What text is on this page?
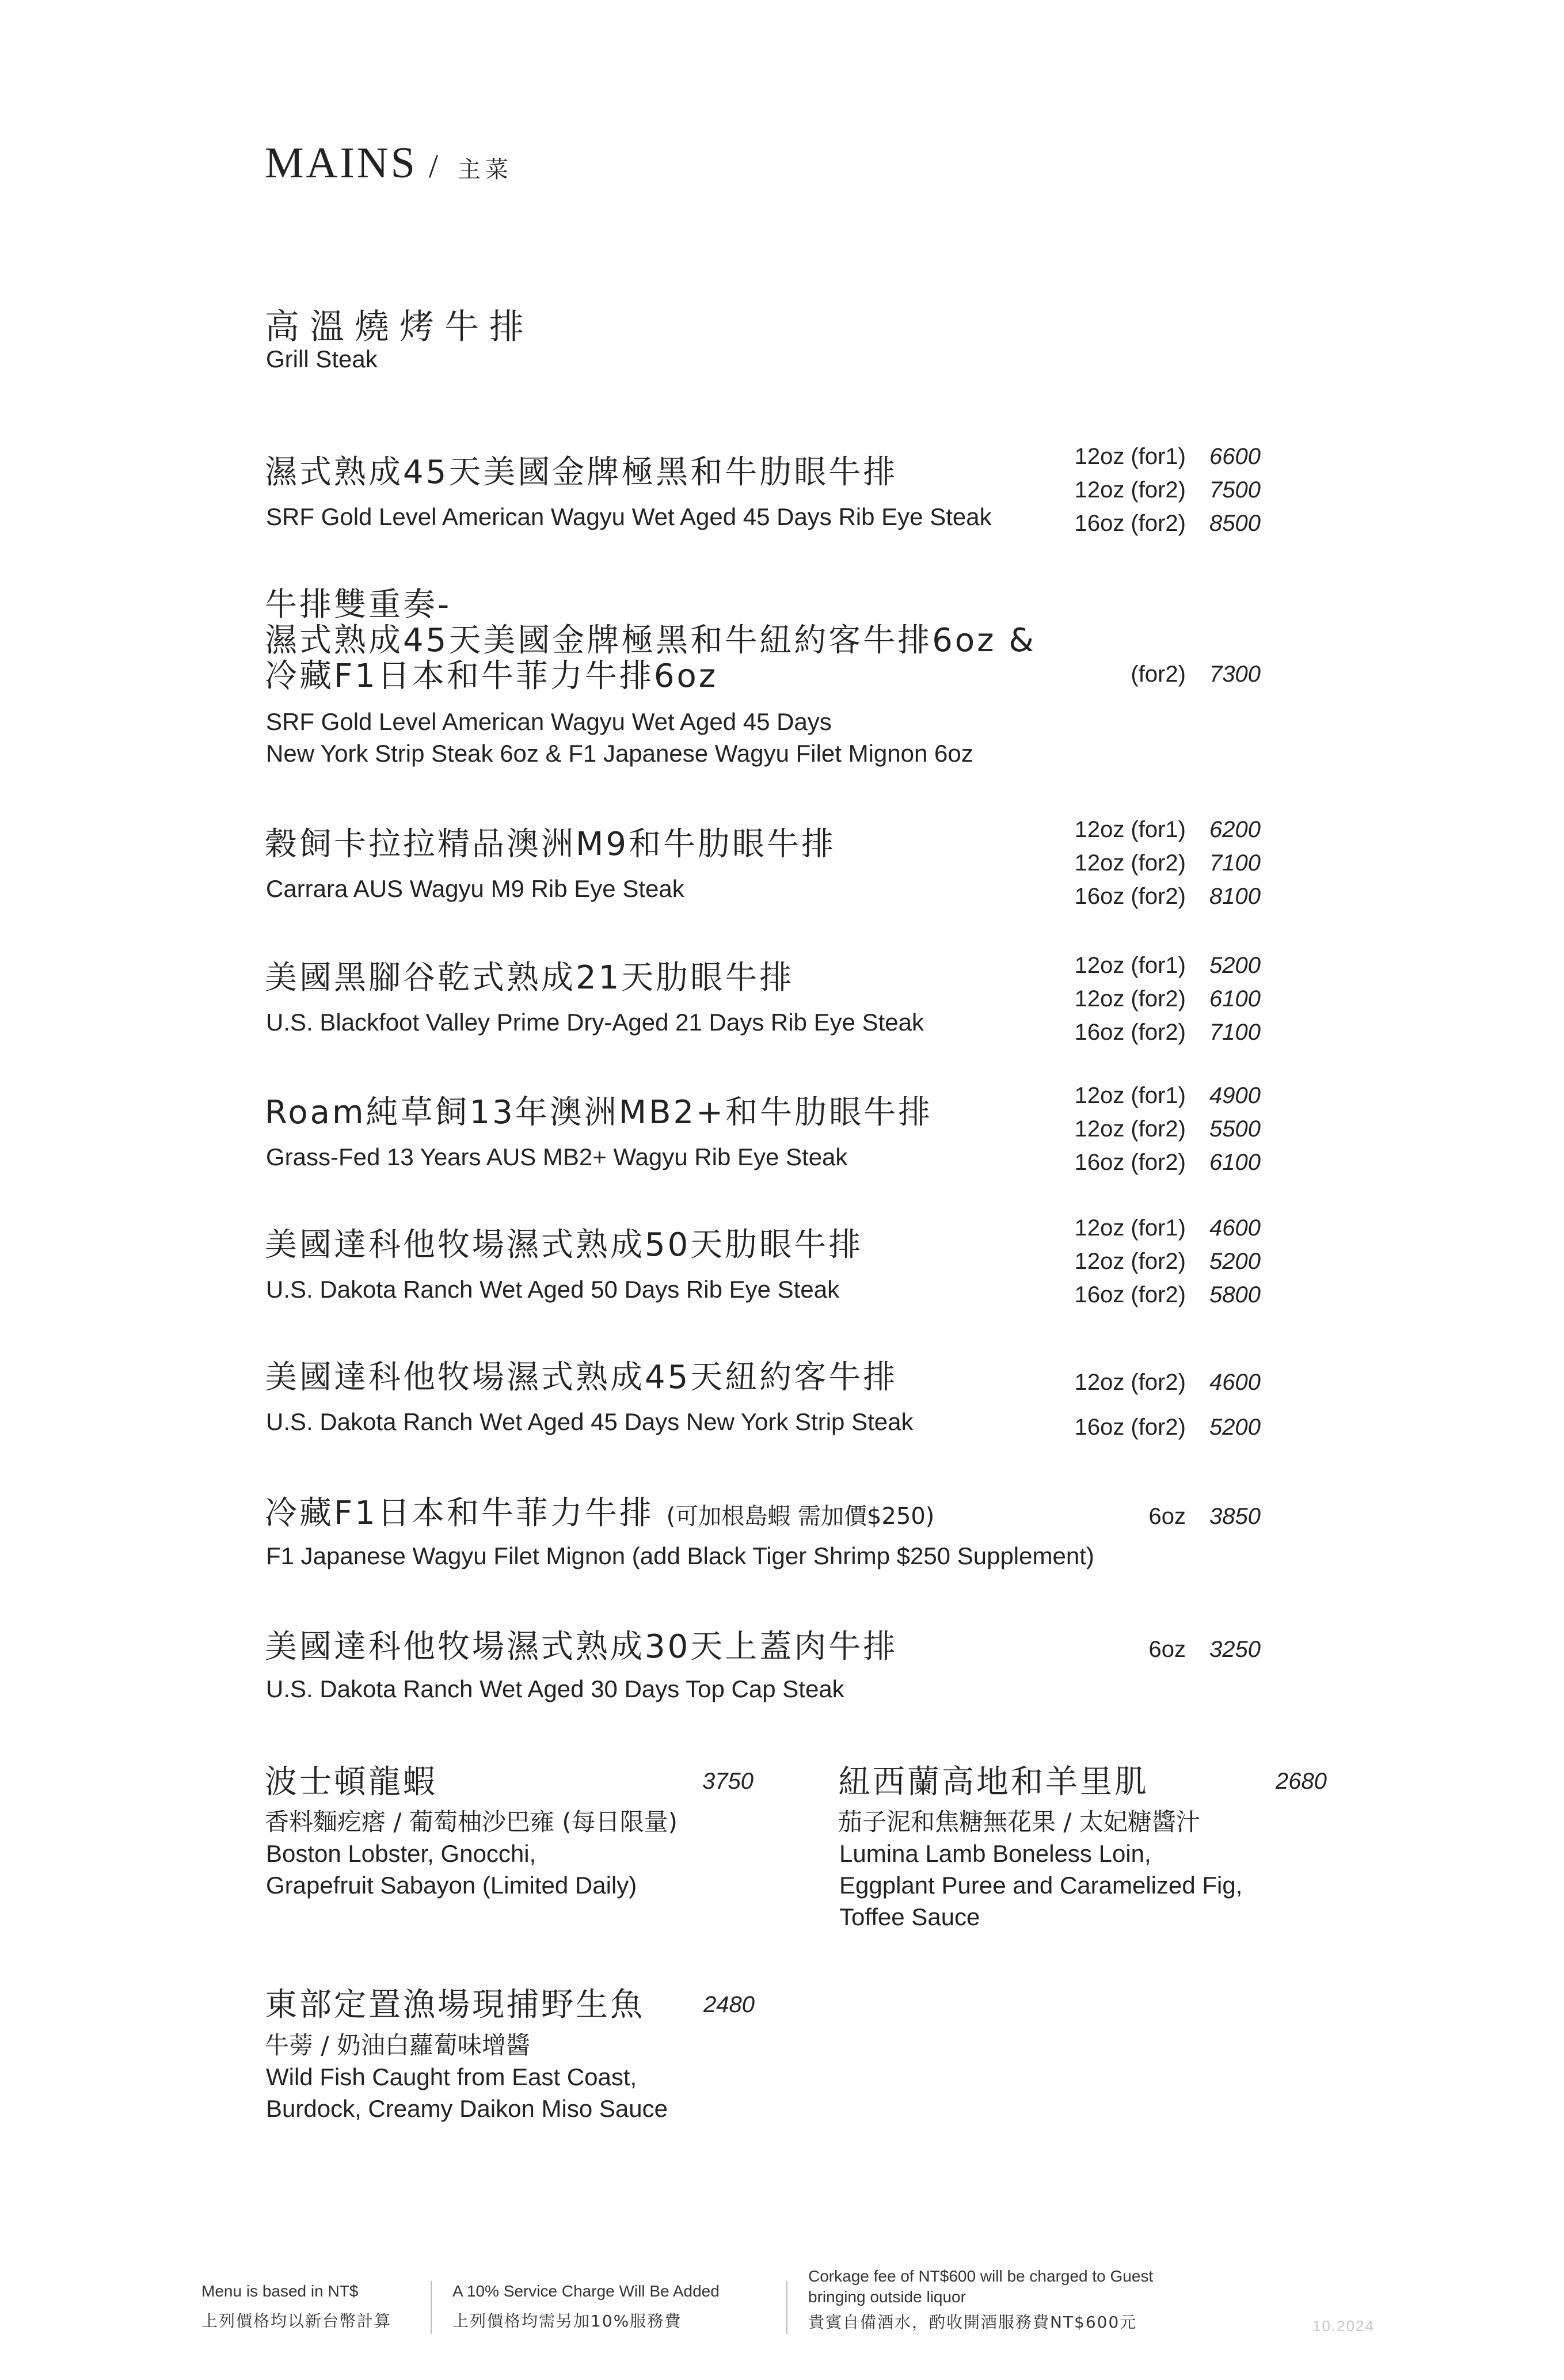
MAINS / 主菜
高溫燒烤牛排
Grill Steak
濕式熟成45天美國金牌極黑和牛肋眼牛排
SRF Gold Level American Wagyu Wet Aged 45 Days Rib Eye Steak
12oz (for1)	6600
12oz (for2)	7500
16oz (for2)	8500
牛排雙重奏-
濕式熟成45天美國金牌極黑和牛紐約客牛排6oz &
冷藏F1日本和牛菲力牛排6oz
SRF Gold Level American Wagyu Wet Aged 45 Days
New York Strip Steak 6oz & F1 Japanese Wagyu Filet Mignon 6oz
(for2)	7300
穀飼卡拉拉精品澳洲M9和牛肋眼牛排
Carrara AUS Wagyu M9 Rib Eye Steak
12oz (for1)	6200
12oz (for2)	7100
16oz (for2)	8100
美國黑腳谷乾式熟成21天肋眼牛排
U.S. Blackfoot Valley Prime Dry-Aged 21 Days Rib Eye Steak
12oz (for1)	5200
12oz (for2)	6100
16oz (for2)	7100
Roam純草飼13年澳洲MB2+和牛肋眼牛排
Grass-Fed 13 Years AUS MB2+ Wagyu Rib Eye Steak
12oz (for1)	4900
12oz (for2)	5500
16oz (for2)	6100
美國達科他牧場濕式熟成50天肋眼牛排
U.S. Dakota Ranch Wet Aged 50 Days Rib Eye Steak
12oz (for1)	4600
12oz (for2)	5200
16oz (for2)	5800
美國達科他牧場濕式熟成45天紐約客牛排
U.S. Dakota Ranch Wet Aged 45 Days New York Strip Steak
12oz (for2)	4600
16oz (for2)	5200
冷藏F1日本和牛菲力牛排 (可加根島蝦 需加價$250)
F1 Japanese Wagyu Filet Mignon (add Black Tiger Shrimp $250 Supplement)
6oz	3850
美國達科他牧場濕式熟成30天上蓋肉牛排
U.S. Dakota Ranch Wet Aged 30 Days Top Cap Steak
6oz	3250
波士頓龍蝦	3750
香料麵疙瘩 / 葡萄柚沙巴雍 (每日限量)
Boston Lobster, Gnocchi,
Grapefruit Sabayon (Limited Daily)
紐西蘭高地和羊里肌	2680
茄子泥和焦糖無花果 / 太妃糖醬汁
Lumina Lamb Boneless Loin,
Eggplant Puree and Caramelized Fig,
Toffee Sauce
東部定置漁場現捕野生魚	2480
牛蒡 / 奶油白蘿蔔味增醬
Wild Fish Caught from East Coast,
Burdock, Creamy Daikon Miso Sauce
Menu is based in NT$
上列價格均以新台幣計算
A 10% Service Charge Will Be Added
上列價格均需另加10%服務費
Corkage fee of NT$600 will be charged to Guest
bringing outside liquor
貴賓自備酒水，酌收開酒服務費NT$600元	10.2024
